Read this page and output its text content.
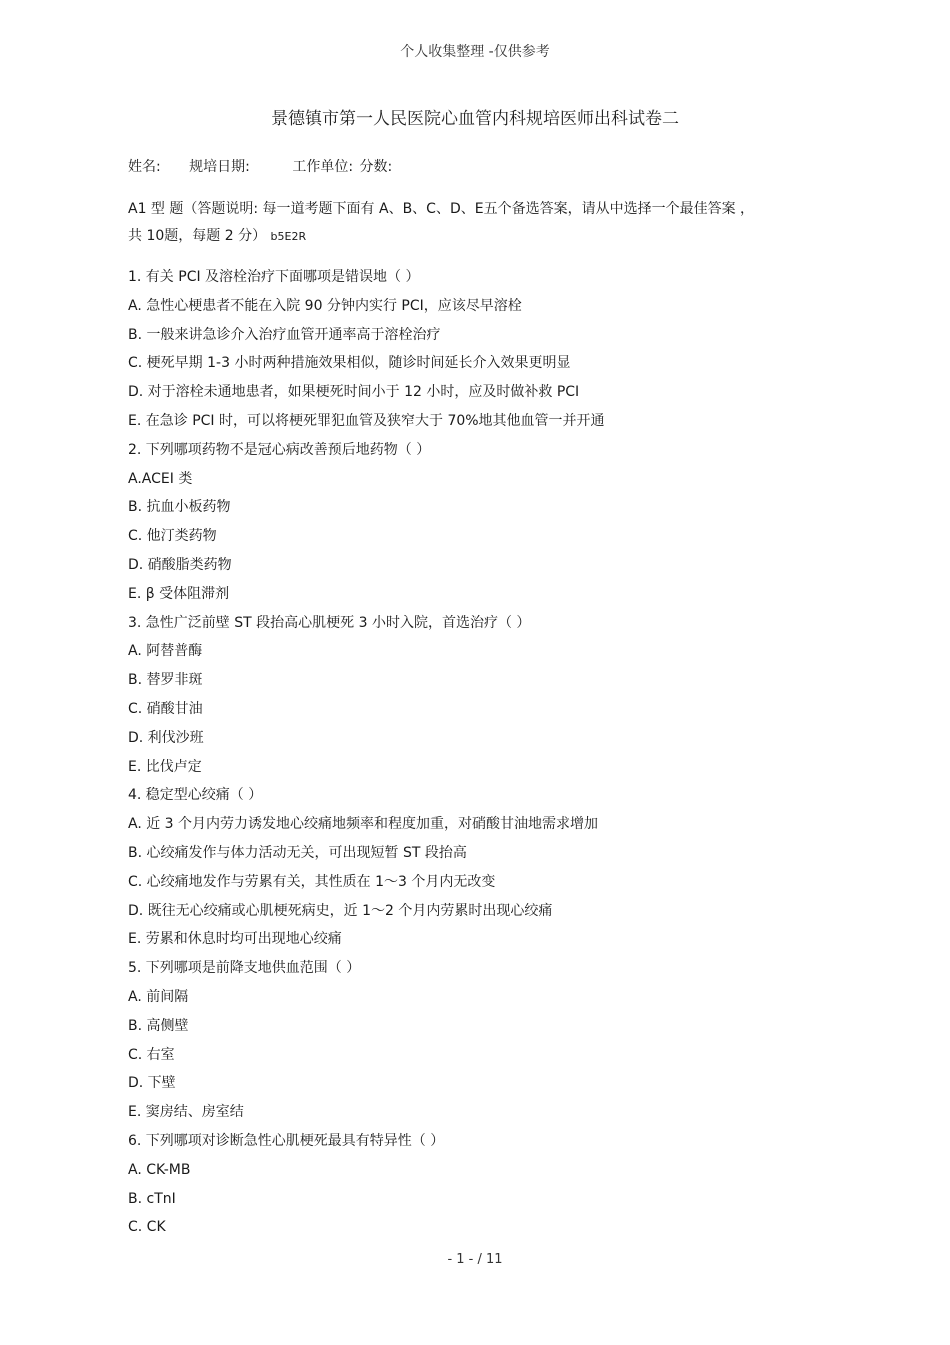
个人收集整理 -仅供参考
景德镇市第一人民医院心血管内科规培医师出科试卷二
姓名: 规培日期:	工作单位: 分数:
A1 型 题（答题说明: 每一道考题下面有 A、B、C、D、E五个备选答案，请从中选择一个最佳答案 ，
共 10题，每题 2 分） b5E2R
1. 有关 PCI 及溶栓治疗下面哪项是错误地（ ）
A. 急性心梗患者不能在入院 90 分钟内实行 PCI，应该尽早溶栓
B. 一般来讲急诊介入治疗血管开通率高于溶栓治疗
C. 梗死早期 1-3 小时两种措施效果相似，随诊时间延长介入效果更明显
D. 对于溶栓未通地患者，如果梗死时间小于 12 小时，应及时做补救 PCI
E. 在急诊 PCI 时，可以将梗死罪犯血管及狭窄大于 70%地其他血管一并开通
2. 下列哪项药物不是冠心病改善预后地药物（ ）
A.ACEI 类
B. 抗血小板药物
C. 他汀类药物
D. 硝酸脂类药物
E. β 受体阻滞剂
3. 急性广泛前壁 ST 段抬高心肌梗死 3 小时入院，首选治疗（ ）
A. 阿替普酶
B. 替罗非斑
C. 硝酸甘油
D. 利伐沙班
E. 比伐卢定
4. 稳定型心绞痛（ ）
A. 近 3 个月内劳力诱发地心绞痛地频率和程度加重，对硝酸甘油地需求增加
B. 心绞痛发作与体力活动无关，可出现短暂 ST 段抬高
C. 心绞痛地发作与劳累有关，其性质在 1～3 个月内无改变
D. 既往无心绞痛或心肌梗死病史，近 1～2 个月内劳累时出现心绞痛
E. 劳累和休息时均可出现地心绞痛
5. 下列哪项是前降支地供血范围（ ）
A. 前间隔
B. 高侧壁
C. 右室
D. 下壁
E. 窦房结、房室结
6. 下列哪项对诊断急性心肌梗死最具有特异性（ ）
A. CK-MB
B. cTnI
C. CK
- 1 - / 11
